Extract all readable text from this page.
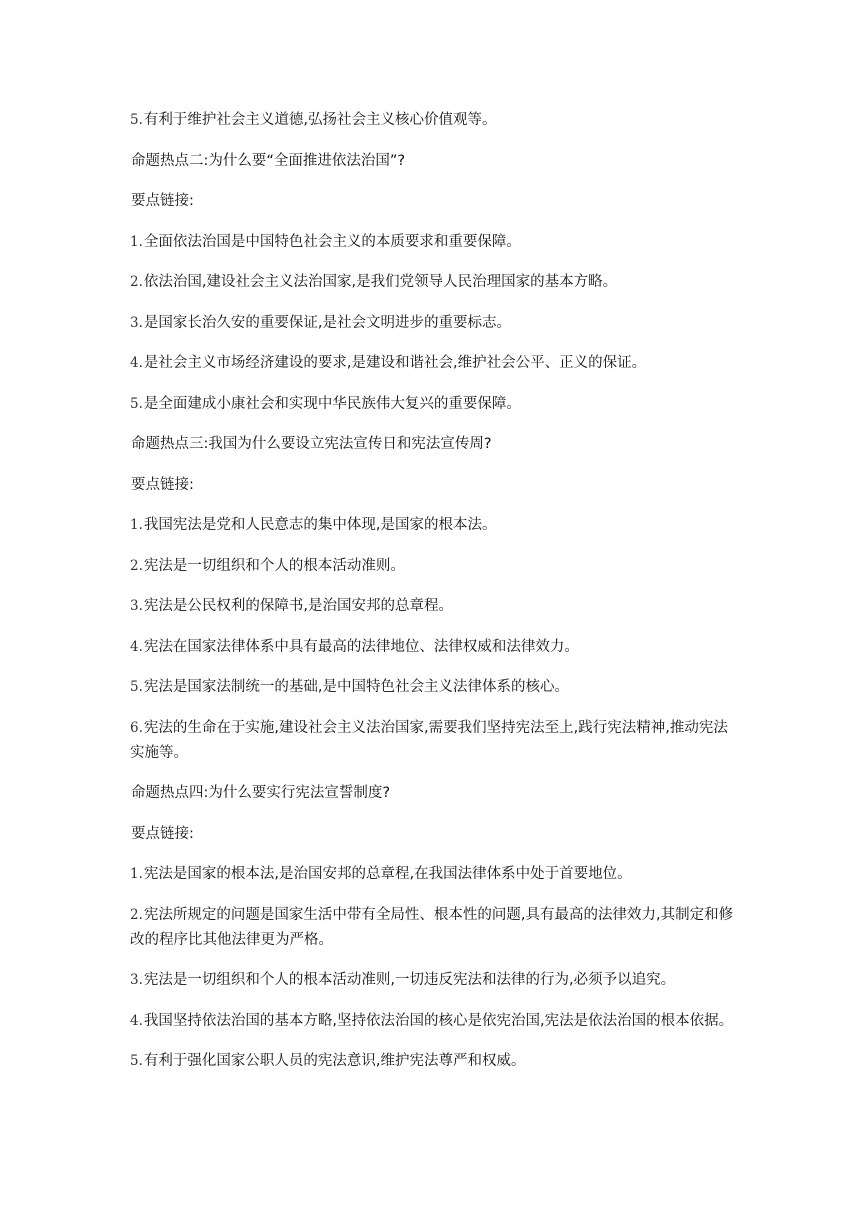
5.有利于维护社会主义道德,弘扬社会主义核心价值观等。

命题热点二:为什么要“全面推进依法治国”?

要点链接:

1.全面依法治国是中国特色社会主义的本质要求和重要保障。

2.依法治国,建设社会主义法治国家,是我们党领导人民治理国家的基本方略。

3.是国家长治久安的重要保证,是社会文明进步的重要标志。

4.是社会主义市场经济建设的要求,是建设和谐社会,维护社会公平、正义的保证。

5.是全面建成小康社会和实现中华民族伟大复兴的重要保障。

命题热点三:我国为什么要设立宪法宣传日和宪法宣传周?

要点链接:

1.我国宪法是党和人民意志的集中体现,是国家的根本法。

2.宪法是一切组织和个人的根本活动准则。

3.宪法是公民权利的保障书,是治国安邦的总章程。

4.宪法在国家法律体系中具有最高的法律地位、法律权威和法律效力。

5.宪法是国家法制统一的基础,是中国特色社会主义法律体系的核心。

6.宪法的生命在于实施,建设社会主义法治国家,需要我们坚持宪法至上,践行宪法精神,推动宪法实施等。

命题热点四:为什么要实行宪法宣誓制度?

要点链接:

1.宪法是国家的根本法,是治国安邦的总章程,在我国法律体系中处于首要地位。

2.宪法所规定的问题是国家生活中带有全局性、根本性的问题,具有最高的法律效力,其制定和修改的程序比其他法律更为严格。

3.宪法是一切组织和个人的根本活动准则,一切违反宪法和法律的行为,必须予以追究。

4.我国坚持依法治国的基本方略,坚持依法治国的核心是依宪治国,宪法是依法治国的根本依据。

5.有利于强化国家公职人员的宪法意识,维护宪法尊严和权威。
